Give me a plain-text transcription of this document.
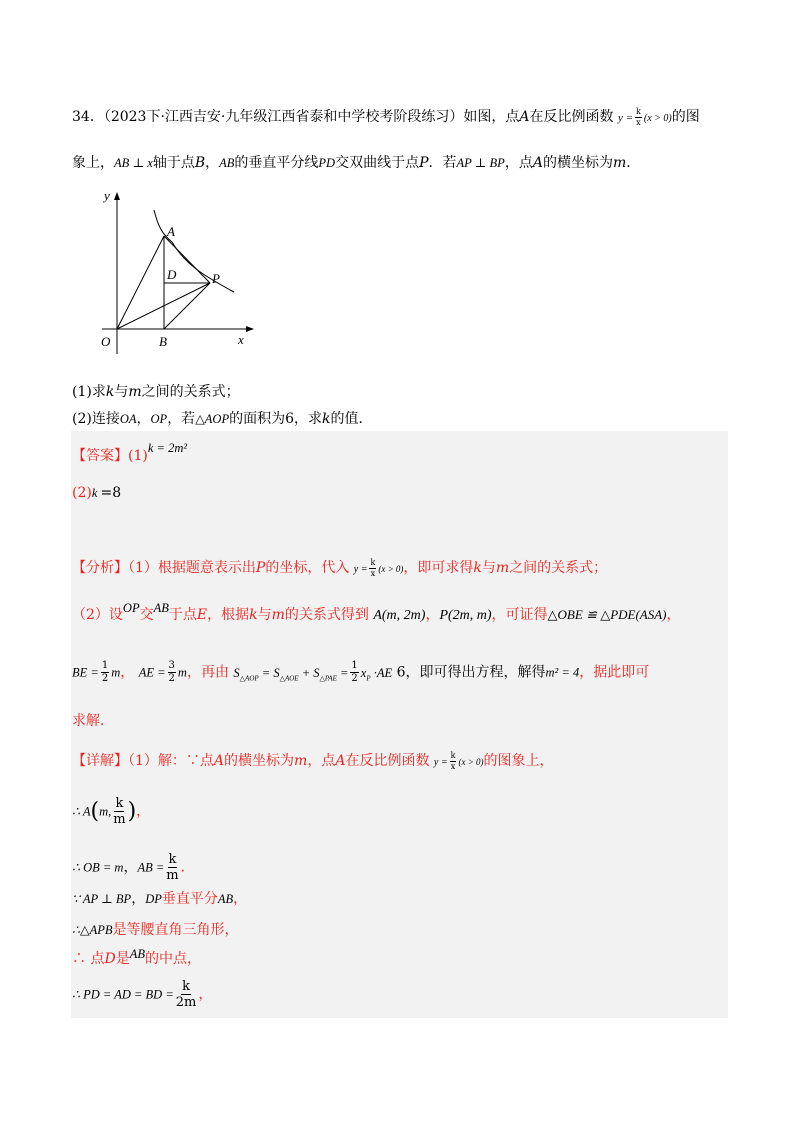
34．（2023下·江西吉安·九年级江西省泰和中学校考阶段练习）如图，点A在反比例函数 $y = \frac{k}{x} (x > 0)$的图
象上，AB ⊥ x轴于点B，AB的垂直平分线PD交双曲线于点P．若AP ⊥ BP，点A的横坐标为m．
y
A
D	P
O	B	x
(1)求k与m之间的关系式；
(2)连接OA，OP，若△AOP的面积为6，求k的值．
【答案】(1)k = 2m²
(2)k =8
【分析】（1）根据题意表示出P的坐标，代入 $y = \frac{k}{x} (x > 0)$，即可求得k与m之间的关系式；
（2）设OP交AB于点E，根据k与m的关系式得到 A(m, 2m)，P(2m, m)，可证得△OBE ≌ △PDE(ASA)，
BE = $\frac{1}{2}$ m， AE = $\frac{3}{2}$ m，再由 $S_{\triangle AOP} = S_{\triangle AOE} + S_{\triangle PAE} = \frac{1}{2} x_P \cdot AE$ 6，即可得出方程，解得m² = 4，据此即可
求解．
【详解】（1）解：∵点A的横坐标为m，点A在反比例函数 $y = \frac{k}{x} (x > 0)$的图象上，
∴ A(m, $\frac{k}{m}$ )，
∴ OB = m，AB = $\frac{k}{m}$ ．
∵ AP ⊥ BP，DP垂直平分AB，
∴△APB是等腰直角三角形，
∴ 点D是AB的中点，
∴ PD = AD = BD = $\frac{k}{2m}$ ，
